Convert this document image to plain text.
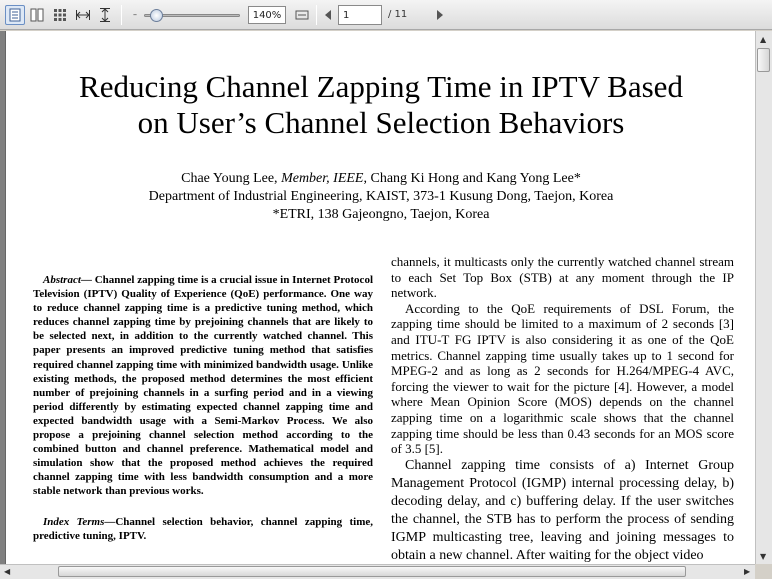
–	140%
1	/ 11
Reducing Channel Zapping Time in IPTV Based
on User’s Channel Selection Behaviors
Chae Young Lee, Member, IEEE, Chang Ki Hong and Kang Yong Lee*
Department of Industrial Engineering, KAIST, 373-1 Kusung Dong, Taejon, Korea
*ETRI, 138 Gajeongno, Taejon, Korea
Abstract— Channel zapping time is a crucial issue in Internet Protocol Television (IPTV) Quality of Experience (QoE) performance. One way to reduce channel zapping time is a predictive tuning method, which reduces channel zapping time by prejoining channels that are likely to be selected next, in addition to the currently watched channel. This paper presents an improved predictive tuning method that satisfies required channel zapping time with minimized bandwidth usage. Unlike existing methods, the proposed method determines the most efficient number of prejoining channels in a surfing period and in a viewing period differently by estimating expected channel zapping time and expected bandwidth usage with a Semi-Markov Process. We also propose a prejoining channel selection method according to the combined button and channel preference. Mathematical model and simulation show that the proposed method achieves the required channel zapping time with less bandwidth consumption and a more stable network than previous works.
Index Terms—Channel selection behavior, channel zapping time, predictive tuning, IPTV.
channels, it multicasts only the currently watched channel stream to each Set Top Box (STB) at any moment through the IP network.
According to the QoE requirements of DSL Forum, the zapping time should be limited to a maximum of 2 seconds [3] and ITU-T FG IPTV is also considering it as one of the QoE metrics. Channel zapping time usually takes up to 1 second for MPEG-2 and as long as 2 seconds for H.264/MPEG-4 AVC, forcing the viewer to wait for the picture [4]. However, a model where Mean Opinion Score (MOS) depends on the channel zapping time on a logarithmic scale shows that the channel zapping time should be less than 0.43 seconds for an MOS score of 3.5 [5].
Channel zapping time consists of a) Internet Group Management Protocol (IGMP) internal processing delay, b) decoding delay, and c) buffering delay. If the user switches the channel, the STB has to perform the process of sending IGMP multicasting tree, leaving and joining messages to obtain a new channel. After waiting for the object video
▲
▼
◀	▶
